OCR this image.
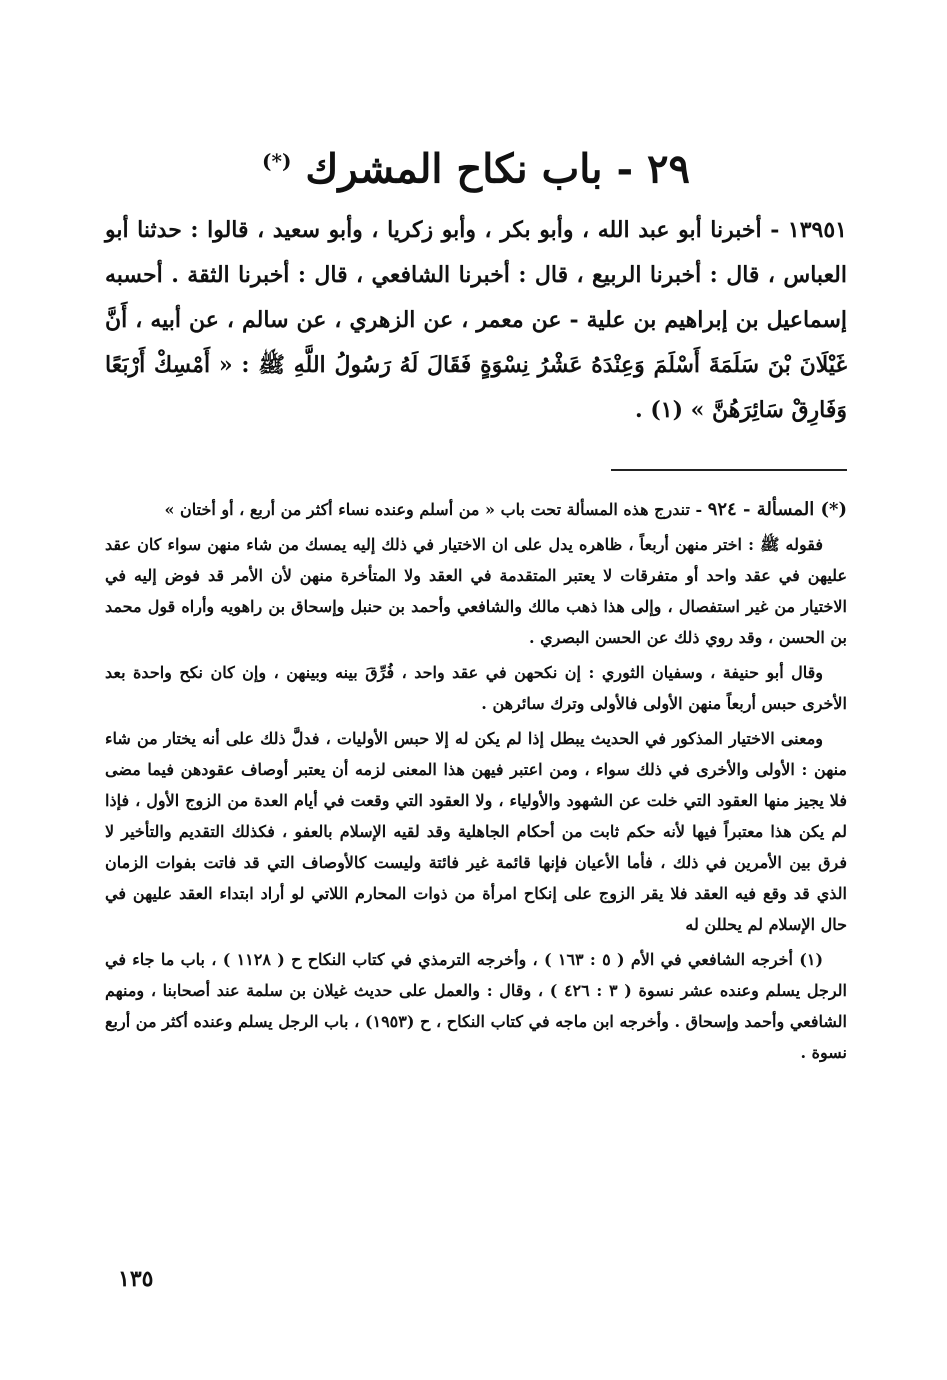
٢٩ - باب نكاح المشرك (*)

١٣٩٥١ - أخبرنا أبو عبد الله ، وأبو بكر ، وأبو زكريا ، وأبو سعيد ، قالوا : حدثنا أبو العباس ، قال : أخبرنا الربيع ، قال : أخبرنا الشافعي ، قال : أخبرنا الثقة . أحسبه إسماعيل بن إبراهيم بن علية - عن معمر ، عن الزهري ، عن سالم ، عن أبيه ، أَنَّ غَيْلَانَ بْنَ سَلَمَةَ أَسْلَمَ وَعِنْدَهُ عَشْرُ نِسْوَةٍ فَقَالَ لَهُ رَسُولُ اللَّهِ ﷺ : « أَمْسِكْ أَرْبَعًا وَفَارِقْ سَائِرَهُنَّ » (١) .

(*) المسألة - ٩٢٤ - تندرج هذه المسألة تحت باب « من أسلم وعنده نساء أكثر من أربع ، أو أختان »

فقوله ﷺ : اختر منهن أربعاً ، ظاهره يدل على ان الاختيار في ذلك إليه يمسك من شاء منهن سواء كان عقد عليهن في عقد واحد أو متفرقات لا يعتبر المتقدمة في العقد ولا المتأخرة منهن لأن الأمر قد فوض إليه في الاختيار من غير استفصال ، وإلى هذا ذهب مالك والشافعي وأحمد بن حنبل وإسحاق بن راهويه وأراه قول محمد بن الحسن ، وقد روي ذلك عن الحسن البصري .

وقال أبو حنيفة ، وسفيان الثوري : إن نكحهن في عقد واحد ، فُرِّقَ بينه وبينهن ، وإن كان نكح واحدة بعد الأخرى حبس أربعاً منهن الأولى فالأولى وترك سائرهن .

ومعنى الاختيار المذكور في الحديث يبطل إذا لم يكن له إلا حبس الأوليات ، فدلَّ ذلك على أنه يختار من شاء منهن : الأولى والأخرى في ذلك سواء ، ومن اعتبر فيهن هذا المعنى لزمه أن يعتبر أوصاف عقودهن فيما مضى فلا يجيز منها العقود التي خلت عن الشهود والأولياء ، ولا العقود التي وقعت في أيام العدة من الزوج الأول ، فإذا لم يكن هذا معتبراً فيها لأنه حكم ثابت من أحكام الجاهلية وقد لقيه الإسلام بالعفو ، فكذلك التقديم والتأخير لا فرق بين الأمرين في ذلك ، فأما الأعيان فإنها قائمة غير فائتة وليست كالأوصاف التي قد فاتت بفوات الزمان الذي قد وقع فيه العقد فلا يقر الزوج على إنكاح امرأة من ذوات المحارم اللاتي لو أراد ابتداء العقد عليهن في حال الإسلام لم يحللن له

(١) أخرجه الشافعي في الأم ( ٥ : ١٦٣ ) ، وأخرجه الترمذي في كتاب النكاح ح ( ١١٢٨ ) ، باب ما جاء في الرجل يسلم وعنده عشر نسوة ( ٣ : ٤٢٦ ) ، وقال : والعمل على حديث غيلان بن سلمة عند أصحابنا ، ومنهم الشافعي وأحمد وإسحاق . وأخرجه ابن ماجه في كتاب النكاح ، ح (١٩٥٣) ، باب الرجل يسلم وعنده أكثر من أربع نسوة .

١٣٥
